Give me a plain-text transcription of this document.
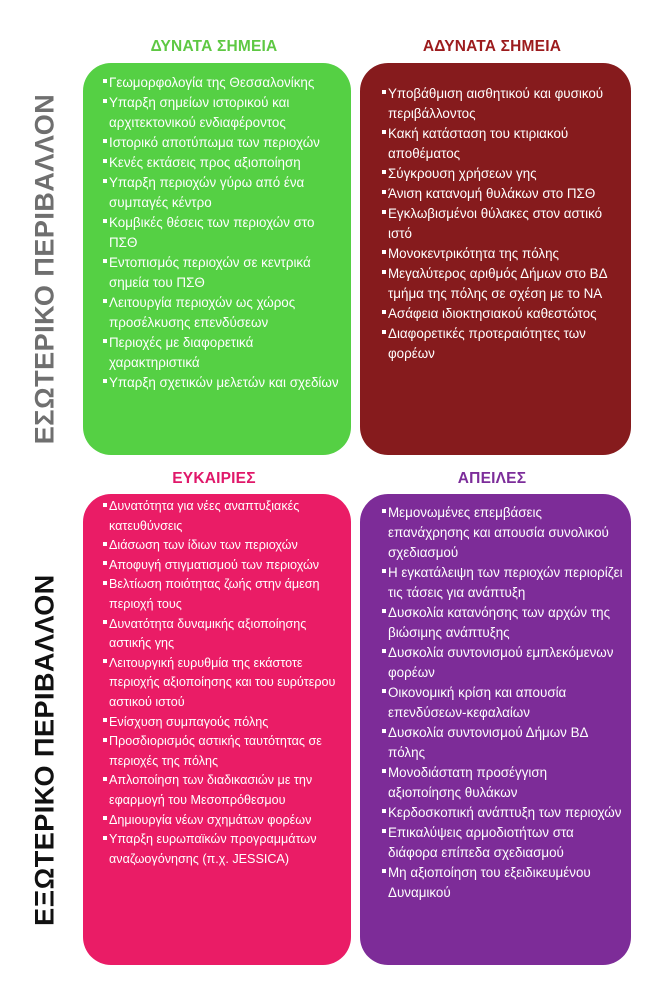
ΕΣΩΤΕΡΙΚΟ ΠΕΡΙΒΑΛΛΟΝ
ΕΞΩΤΕΡΙΚΟ ΠΕΡΙΒΑΛΛΟΝ
ΔΥΝΑΤΑ ΣΗΜΕΙΑ	ΑΔΥΝΑΤΑ ΣΗΜΕΙΑ
ΕΥΚΑΙΡΙΕΣ	ΑΠΕΙΛΕΣ
Γεωμορφολογία της Θεσσαλονίκης
Υπαρξη σημείων ιστορικού και αρχιτεκτονικού ενδιαφέροντος
Ιστορικό αποτύπωμα των περιοχών
Κενές εκτάσεις προς αξιοποίηση
Υπαρξη περιοχών γύρω από ένα συμπαγές κέντρο
Κομβικές θέσεις των περιοχών στο ΠΣΘ
Εντοπισμός περιοχών σε κεντρικά σημεία του ΠΣΘ
Λειτουργία περιοχών ως χώρος προσέλκυσης επενδύσεων
Περιοχές με διαφορετικά χαρακτηριστικά
Υπαρξη σχετικών μελετών και σχεδίων
Υποβάθμιση αισθητικού και φυσικού περιβάλλοντος
Κακή κατάσταση του κτιριακού αποθέματος
Σύγκρουση χρήσεων γης
Άνιση κατανομή θυλάκων στο ΠΣΘ
Εγκλωβισμένοι θύλακες στον αστικό ιστό
Μονοκεντρικότητα της πόλης
Μεγαλύτερος αριθμός Δήμων στο ΒΔ τμήμα της πόλης σε σχέση με το ΝΑ
Ασάφεια ιδιοκτησιακού καθεστώτος
Διαφορετικές προτεραιότητες των φορέων
Δυνατότητα για νέες αναπτυξιακές κατευθύνσεις
Διάσωση των ίδιων των περιοχών
Αποφυγή στιγματισμού των περιοχών
Βελτίωση ποιότητας ζωής στην άμεση περιοχή τους
Δυνατότητα δυναμικής αξιοποίησης αστικής γης
Λειτουργική ευρυθμία της εκάστοτε περιοχής αξιοποίησης και του ευρύτερου αστικού ιστού
Ενίσχυση συμπαγούς πόλης
Προσδιορισμός αστικής ταυτότητας σε περιοχές της πόλης
Απλοποίηση των διαδικασιών με την εφαρμογή του Μεσοπρόθεσμου
Δημιουργία νέων σχημάτων φορέων
Υπαρξη ευρωπαϊκών προγραμμάτων αναζωογόνησης (π.χ. JESSICA)
Μεμονωμένες επεμβάσεις επανάχρησης και απουσία συνολικού σχεδιασμού
Η εγκατάλειψη των περιοχών περιορίζει τις τάσεις για ανάπτυξη
Δυσκολία κατανόησης των αρχών της βιώσιμης ανάπτυξης
Δυσκολία συντονισμού εμπλεκόμενων φορέων
Οικονομική κρίση και απουσία επενδύσεων-κεφαλαίων
Δυσκολία συντονισμού Δήμων ΒΔ πόλης
Μονοδιάστατη προσέγγιση αξιοποίησης θυλάκων
Κερδοσκοπική ανάπτυξη των περιοχών
Επικαλύψεις αρμοδιοτήτων στα διάφορα επίπεδα σχεδιασμού
Μη αξιοποίηση του εξειδικευμένου Δυναμικού
